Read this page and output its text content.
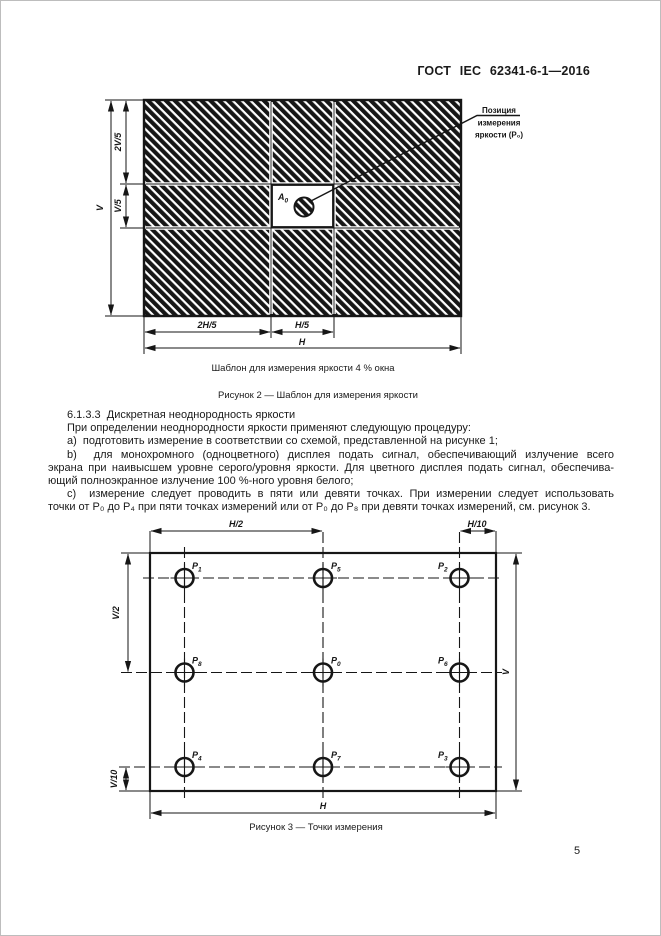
ГОСТ IEC 62341-6-1—2016
A0
Позиция
измерения
яркости (P₀)
V
2V/5
V/5
2H/5	H/5
H
Шаблон для измерения яркости 4 % окна
Рисунок 2 — Шаблон для измерения яркости
6.1.3.3  Дискретная неоднородность яркости
При определении неоднородности яркости применяют следующую процедуру:
a)  подготовить измерение в соответствии со схемой, представленной на рисунке 1;
b)  для монохромного (одноцветного) дисплея подать сигнал, обеспечивающий излучение всего
экрана при наивысшем уровне серого/уровня яркости. Для цветного дисплея подать сигнал, обеспечива-
ющий полноэкранное излучение 100 %-ного уровня белого;
c)  измерение следует проводить в пяти или девяти точках. При измерении следует использовать
точки от P₀ до P₄ при пяти точках измерений или от P₀ до P₈ при девяти точках измерений, см. рисунок 3.
H/2	H/10
V/2
V/10
V
H
P1	P5	P2
P8	P0	P6
P4	P7	P3
Рисунок 3 — Точки измерения
5
